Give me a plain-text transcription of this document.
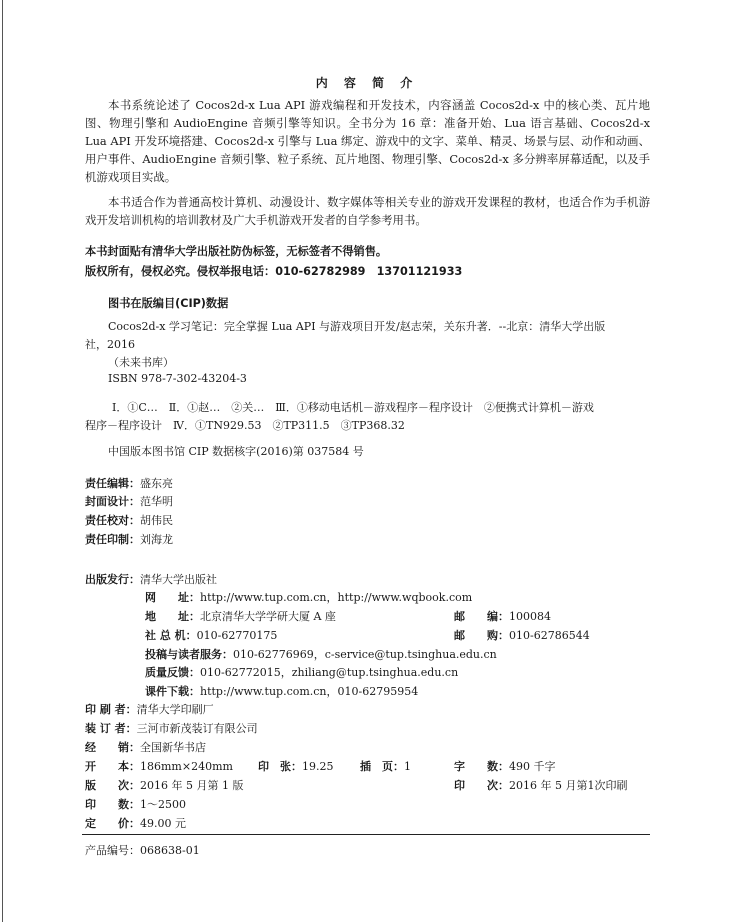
内 容 简 介
本书系统论述了 Cocos2d-x Lua API 游戏编程和开发技术，内容涵盖 Cocos2d-x 中的核心类、瓦片地图、物理引擎和 AudioEngine 音频引擎等知识。全书分为 16 章：准备开始、Lua 语言基础、Cocos2d-x Lua API 开发环境搭建、Cocos2d-x 引擎与 Lua 绑定、游戏中的文字、菜单、精灵、场景与层、动作和动画、用户事件、AudioEngine 音频引擎、粒子系统、瓦片地图、物理引擎、Cocos2d-x 多分辨率屏幕适配，以及手机游戏项目实战。
本书适合作为普通高校计算机、动漫设计、数字媒体等相关专业的游戏开发课程的教材，也适合作为手机游戏开发培训机构的培训教材及广大手机游戏开发者的自学参考用书。
本书封面贴有清华大学出版社防伪标签，无标签者不得销售。
版权所有，侵权必究。侵权举报电话：010-62782989　13701121933
图书在版编目(CIP)数据
Cocos2d-x 学习笔记：完全掌握 Lua API 与游戏项目开发/赵志荣，关东升著．--北京：清华大学出版
社，2016
（未来书库）
ISBN 978-7-302-43204-3
Ⅰ．①C…　Ⅱ．①赵…　②关…　Ⅲ．①移动电话机－游戏程序－程序设计　②便携式计算机－游戏
程序－程序设计　Ⅳ．①TN929.53　②TP311.5　③TP368.32
中国版本图书馆 CIP 数据核字(2016)第 037584 号
责任编辑：盛东亮
封面设计：范华明
责任校对：胡伟民
责任印制：刘海龙
出版发行：清华大学出版社
网　　址：http://www.tup.com.cn，http://www.wqbook.com
地　　址：北京清华大学学研大厦 A 座	邮　　编：100084
社 总 机：010-62770175	邮　　购：010-62786544
投稿与读者服务：010-62776969，c-service@tup.tsinghua.edu.cn
质量反馈：010-62772015，zhiliang@tup.tsinghua.edu.cn
课件下载：http://www.tup.com.cn，010-62795954
印 刷 者：清华大学印刷厂
装 订 者：三河市新茂装订有限公司
经　　销：全国新华书店
开　　本：186mm×240mm 印　张：19.25 插　页：1	字　　数：490 千字
版　　次：2016 年 5 月第 1 版	印　　次：2016 年 5 月第1次印刷
印　　数：1～2500
定　　价：49.00 元
产品编号：068638-01
